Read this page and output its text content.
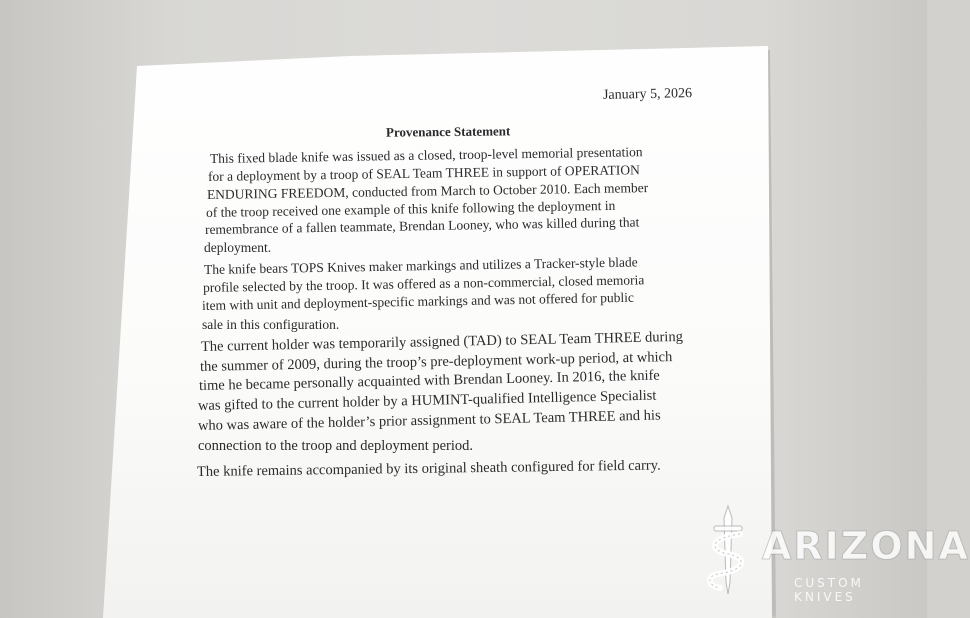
January 5, 2026
Provenance Statement
This fixed blade knife was issued as a closed, troop-level memorial presentation
for a deployment by a troop of SEAL Team THREE in support of OPERATION
ENDURING FREEDOM, conducted from March to October 2010. Each member
of the troop received one example of this knife following the deployment in
remembrance of a fallen teammate, Brendan Looney, who was killed during that
deployment.
The knife bears TOPS Knives maker markings and utilizes a Tracker-style blade
profile selected by the troop. It was offered as a non-commercial, closed memoria
item with unit and deployment-specific markings and was not offered for public
sale in this configuration.
The current holder was temporarily assigned (TAD) to SEAL Team THREE during
the summer of 2009, during the troop’s pre-deployment work-up period, at which
time he became personally acquainted with Brendan Looney. In 2016, the knife
was gifted to the current holder by a HUMINT-qualified Intelligence Specialist
who was aware of the holder’s prior assignment to SEAL Team THREE and his
connection to the troop and deployment period.
The knife remains accompanied by its original sheath configured for field carry.
ARIZONA
CUSTOM KNIVES
